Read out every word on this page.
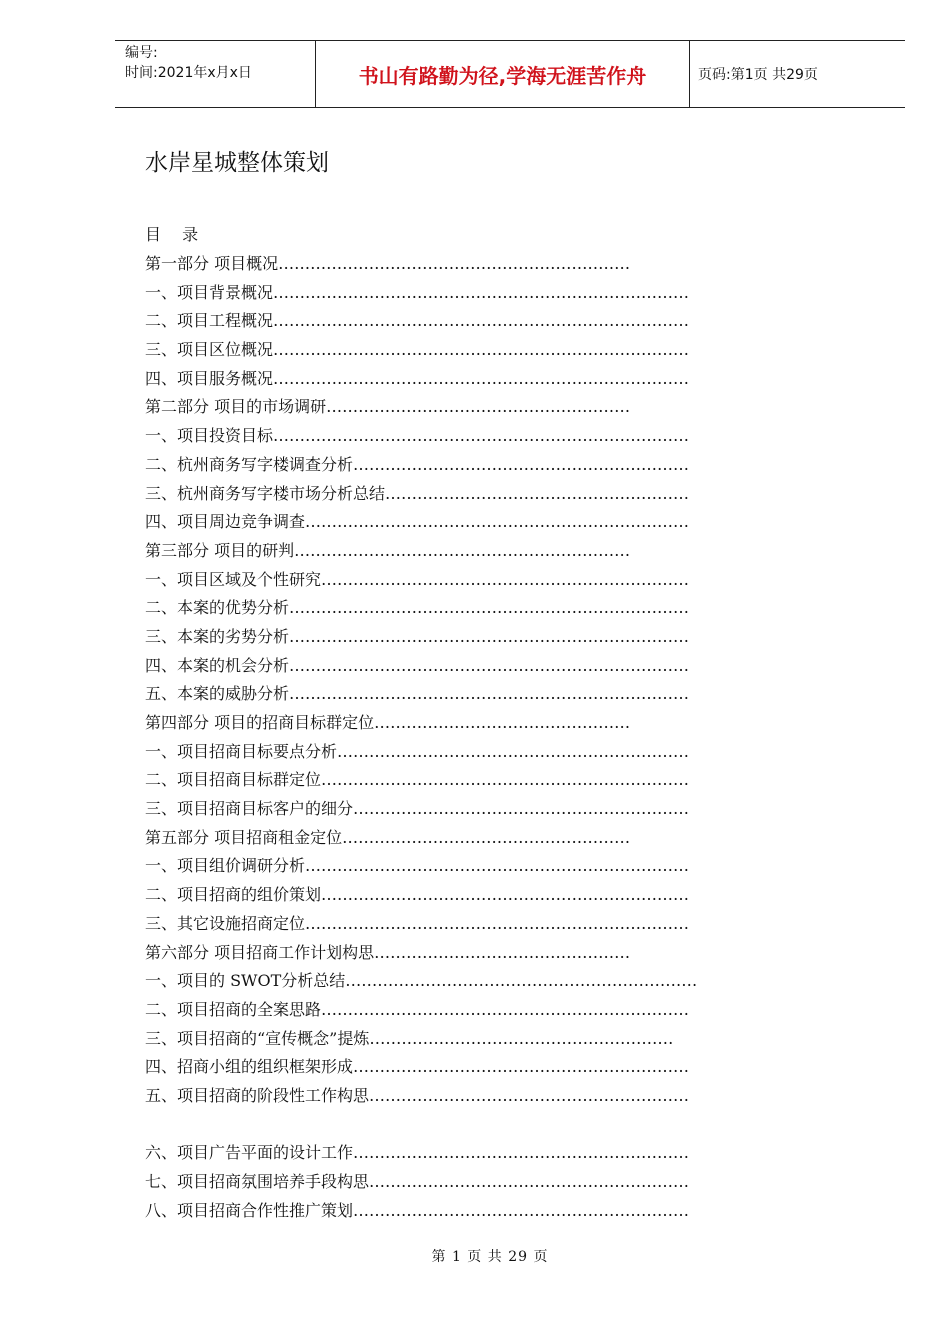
编号:
时间:2021年x月x日	书山有路勤为径,学海无涯苦作舟	页码:第1页 共29页
水岸星城整体策划
目 录
第一部分 项目概况…………………………………………………………
一、项目背景概况……………………………………………………………………
二、项目工程概况……………………………………………………………………
三、项目区位概况……………………………………………………………………
四、项目服务概况……………………………………………………………………
第二部分 项目的市场调研…………………………………………………
一、项目投资目标……………………………………………………………………
二、杭州商务写字楼调查分析………………………………………………………
三、杭州商务写字楼市场分析总结…………………………………………………
四、项目周边竞争调查………………………………………………………………
第三部分 项目的研判………………………………………………………
一、项目区域及个性研究……………………………………………………………
二、本案的优势分析…………………………………………………………………
三、本案的劣势分析…………………………………………………………………
四、本案的机会分析…………………………………………………………………
五、本案的威胁分析…………………………………………………………………
第四部分 项目的招商目标群定位…………………………………………
一、项目招商目标要点分析…………………………………………………………
二、项目招商目标群定位……………………………………………………………
三、项目招商目标客户的细分………………………………………………………
第五部分 项目招商租金定位………………………………………………
一、项目组价调研分析………………………………………………………………
二、项目招商的组价策划……………………………………………………………
三、其它设施招商定位………………………………………………………………
第六部分 项目招商工作计划构思…………………………………………
一、项目的 SWOT分析总结…………………………………………………………
二、项目招商的全案思路……………………………………………………………
三、项目招商的“宣传概念”提炼…………………………………………………
四、招商小组的组织框架形成………………………………………………………
五、项目招商的阶段性工作构思……………………………………………………
六、项目广告平面的设计工作………………………………………………………
七、项目招商氛围培养手段构思……………………………………………………
八、项目招商合作性推广策划………………………………………………………
第 1 页 共 29 页
